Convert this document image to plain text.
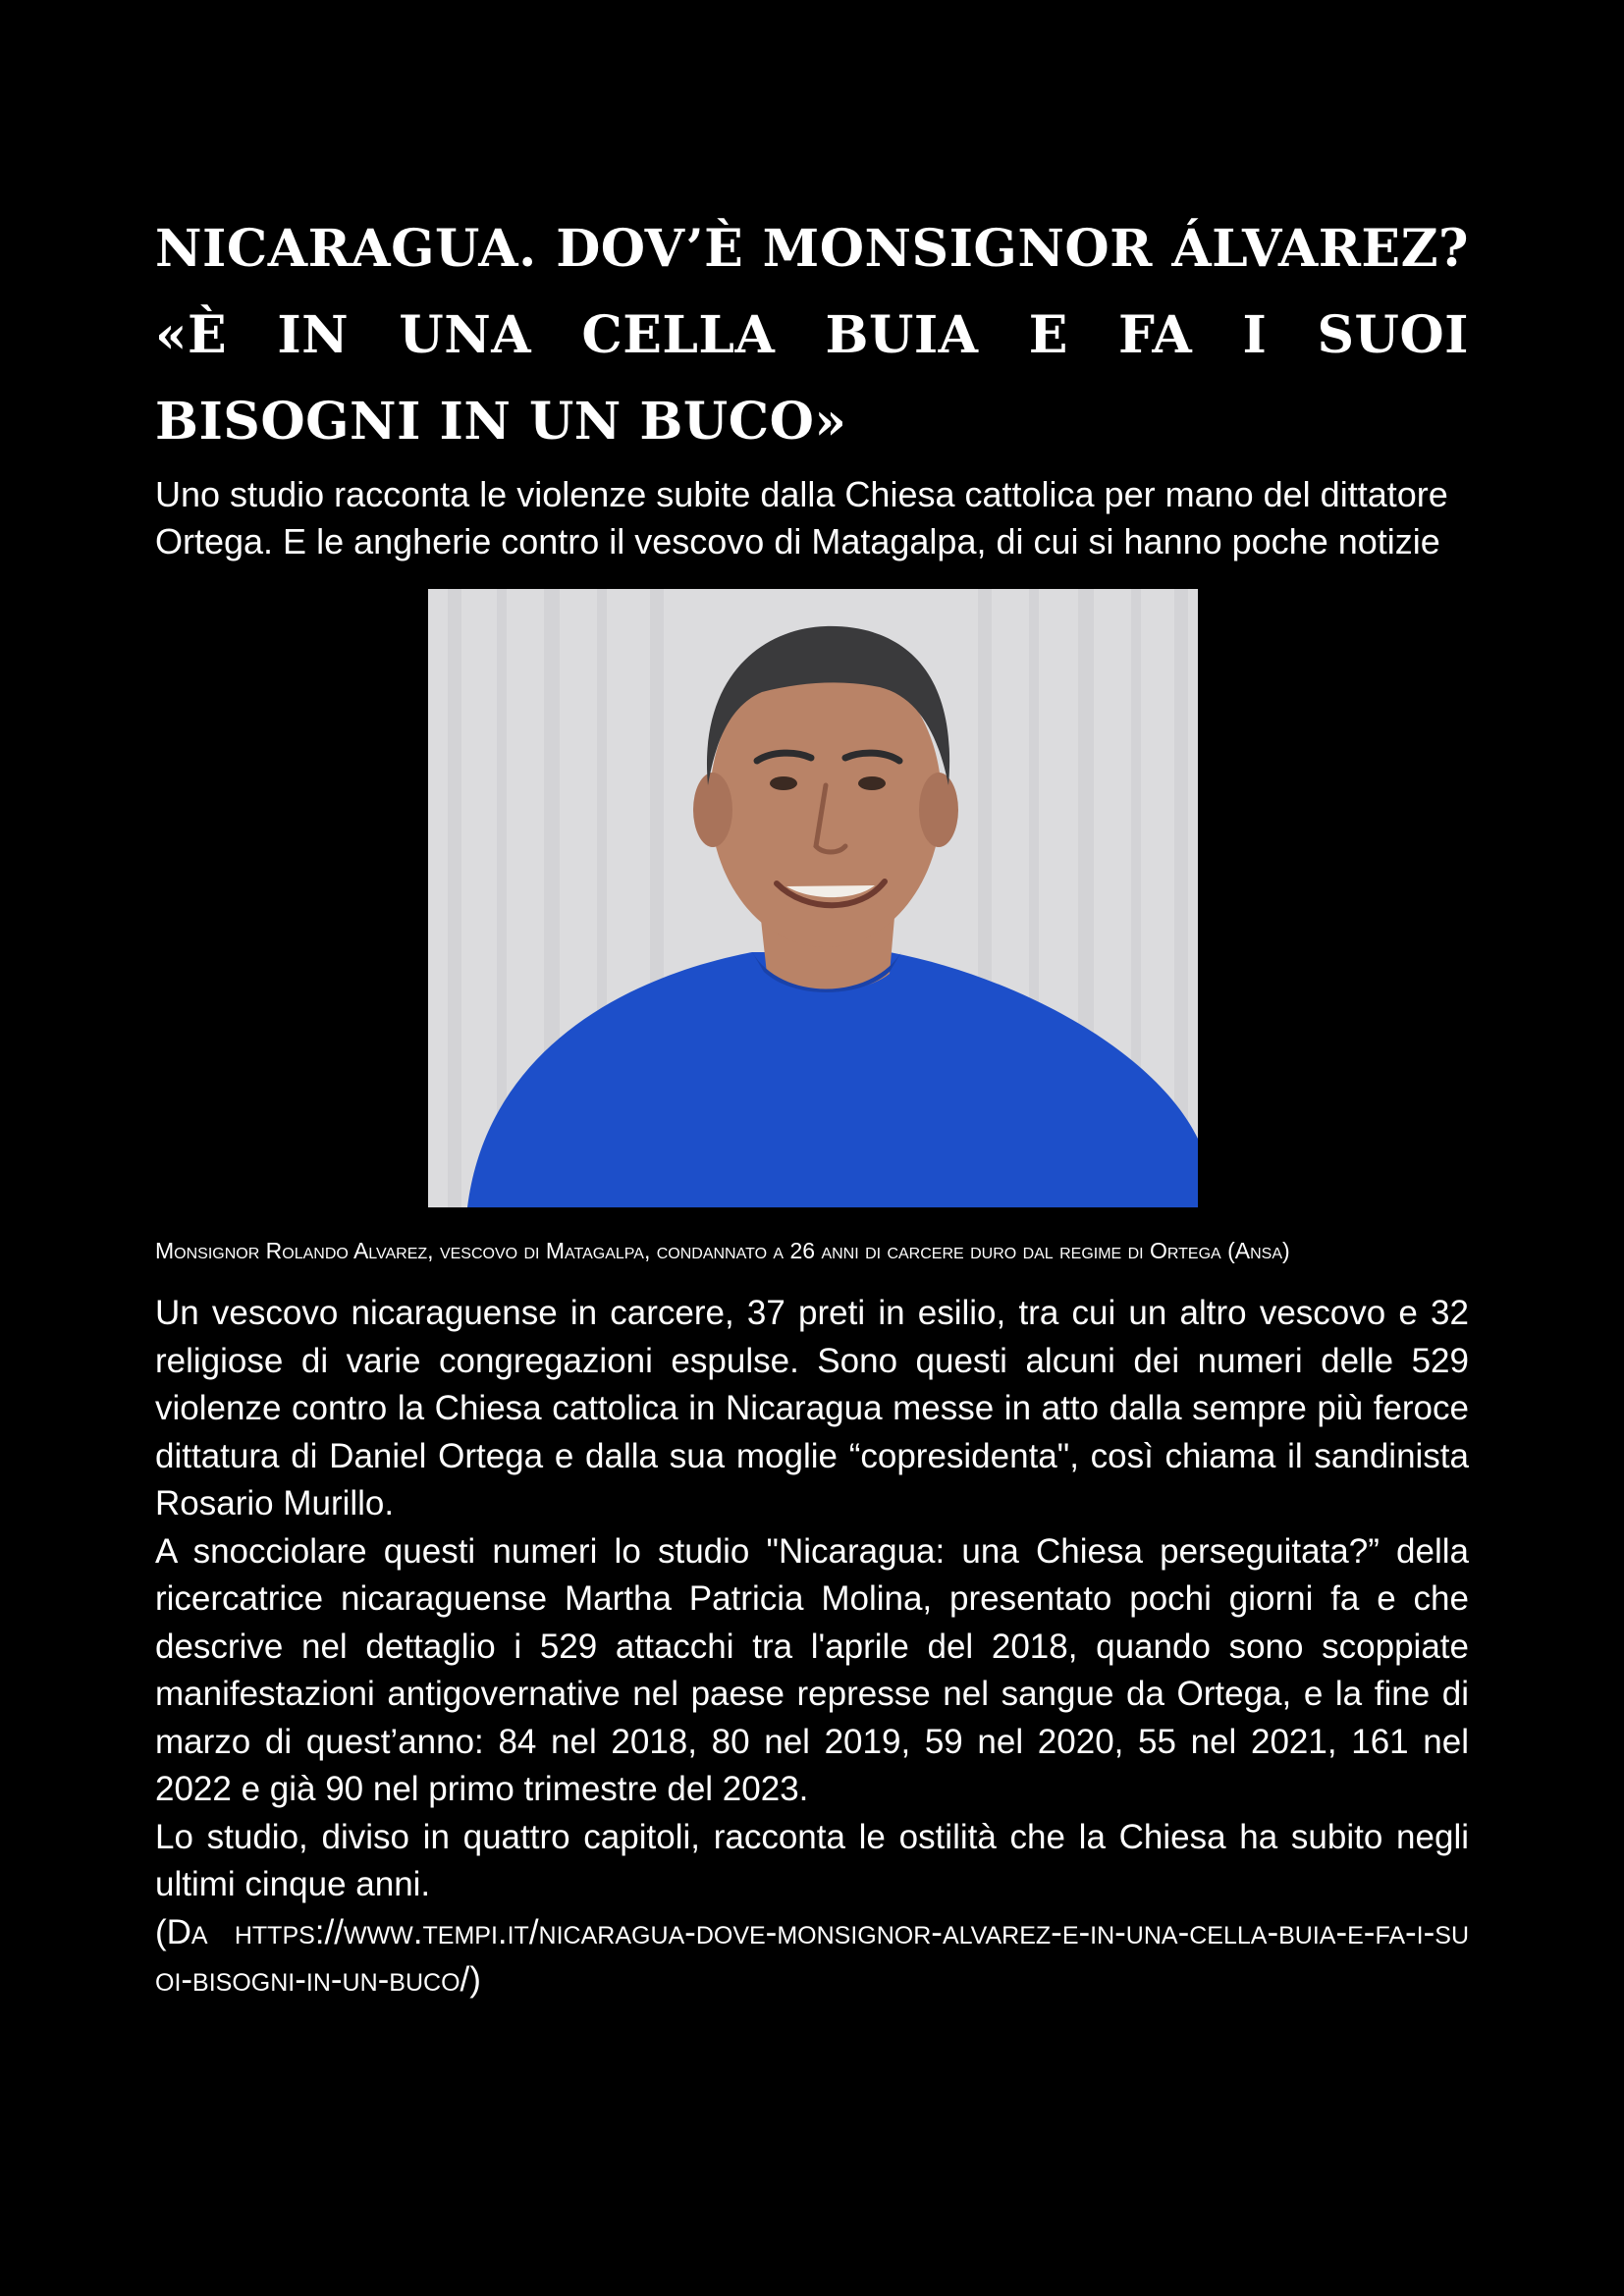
NICARAGUA. DOV’È MONSIGNOR ÁLVAREZ? «È IN UNA CELLA BUIA E FA I SUOI BISOGNI IN UN BUCO»

Uno studio racconta le violenze subite dalla Chiesa cattolica per mano del dittatore Ortega. E le angherie contro il vescovo di Matagalpa, di cui si hanno poche notizie

Monsignor Rolando Alvarez, vescovo di Matagalpa, condannato a 26 anni di carcere duro dal regime di Ortega (Ansa)

Un vescovo nicaraguense in carcere, 37 preti in esilio, tra cui un altro vescovo e 32 religiose di varie congregazioni espulse. Sono questi alcuni dei numeri delle 529 violenze contro la Chiesa cattolica in Nicaragua messe in atto dalla sempre più feroce dittatura di Daniel Ortega e dalla sua moglie “copresidenta", così chiama il sandinista Rosario Murillo.

A snocciolare questi numeri lo studio "Nicaragua: una Chiesa perseguitata?” della ricercatrice nicaraguense Martha Patricia Molina, presentato pochi giorni fa e che descrive nel dettaglio i 529 attacchi tra l'aprile del 2018, quando sono scoppiate manifestazioni antigovernative nel paese represse nel sangue da Ortega, e la fine di marzo di quest’anno: 84 nel 2018, 80 nel 2019, 59 nel 2020, 55 nel 2021, 161 nel 2022 e già 90 nel primo trimestre del 2023.

Lo studio, diviso in quattro capitoli, racconta le ostilità che la Chiesa ha subito negli ultimi cinque anni.

(Da https://www.tempi.it/nicaragua-dove-monsignor-alvarez-e-in-una-cella-buia-e-fa-i-suoi-bisogni-in-un-buco/)
